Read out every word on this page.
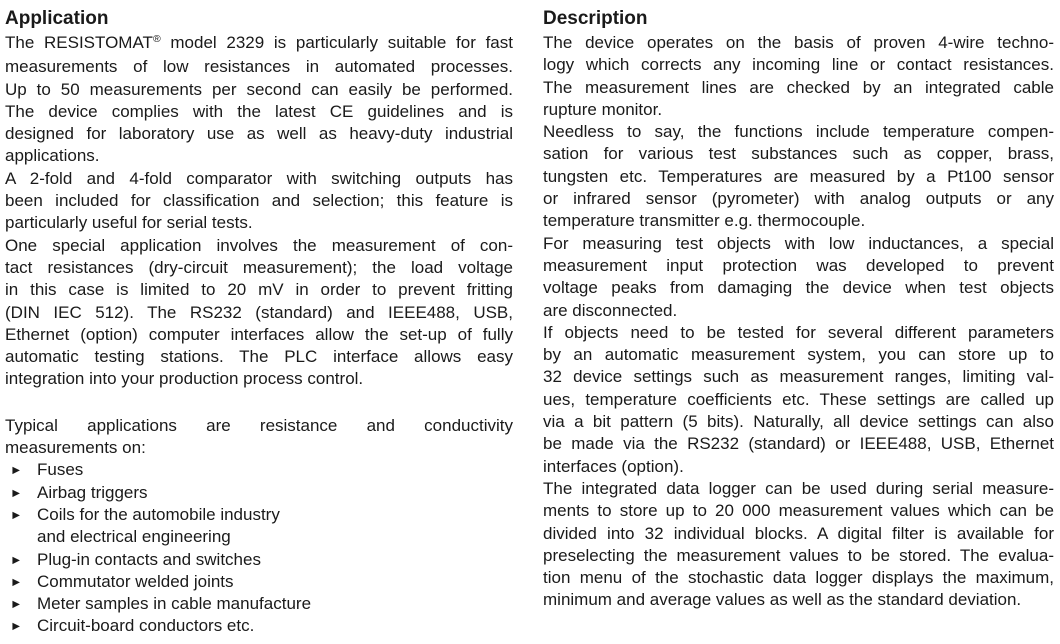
Application
The RESISTOMAT® model 2329 is particularly suitable for fast
measurements of low resistances in automated processes.
Up to 50 measurements per second can easily be performed.
The device complies with the latest CE guidelines and is
designed for laboratory use as well as heavy-duty industrial
applications.
A 2-fold and 4-fold comparator with switching outputs has
been included for classification and selection; this feature is
particularly useful for serial tests.
One special application involves the measurement of con-
tact resistances (dry-circuit measurement); the load voltage
in this case is limited to 20 mV in order to prevent fritting
(DIN IEC 512). The RS232 (standard) and IEEE488, USB,
Ethernet (option) computer interfaces allow the set-up of fully
automatic testing stations. The PLC interface allows easy
integration into your production process control.
Typical applications are resistance and conductivity
measurements on:
► Fuses
► Airbag triggers
► Coils for the automobile industry
and electrical engineering
► Plug-in contacts and switches
► Commutator welded joints
► Meter samples in cable manufacture
► Circuit-board conductors etc.
Description
The device operates on the basis of proven 4-wire techno-
logy which corrects any incoming line or contact resistances.
The measurement lines are checked by an integrated cable
rupture monitor.
Needless to say, the functions include temperature compen-
sation for various test substances such as copper, brass,
tungsten etc. Temperatures are measured by a Pt100 sensor
or infrared sensor (pyrometer) with analog outputs or any
temperature transmitter e.g. thermocouple.
For measuring test objects with low inductances, a special
measurement input protection was developed to prevent
voltage peaks from damaging the device when test objects
are disconnected.
If objects need to be tested for several different parameters
by an automatic measurement system, you can store up to
32 device settings such as measurement ranges, limiting val-
ues, temperature coefficients etc. These settings are called up
via a bit pattern (5 bits). Naturally, all device settings can also
be made via the RS232 (standard) or IEEE488, USB, Ethernet
interfaces (option).
The integrated data logger can be used during serial measure-
ments to store up to 20 000 measurement values which can be
divided into 32 individual blocks. A digital filter is available for
preselecting the measurement values to be stored. The evalua-
tion menu of the stochastic data logger displays the maximum,
minimum and average values as well as the standard deviation.
